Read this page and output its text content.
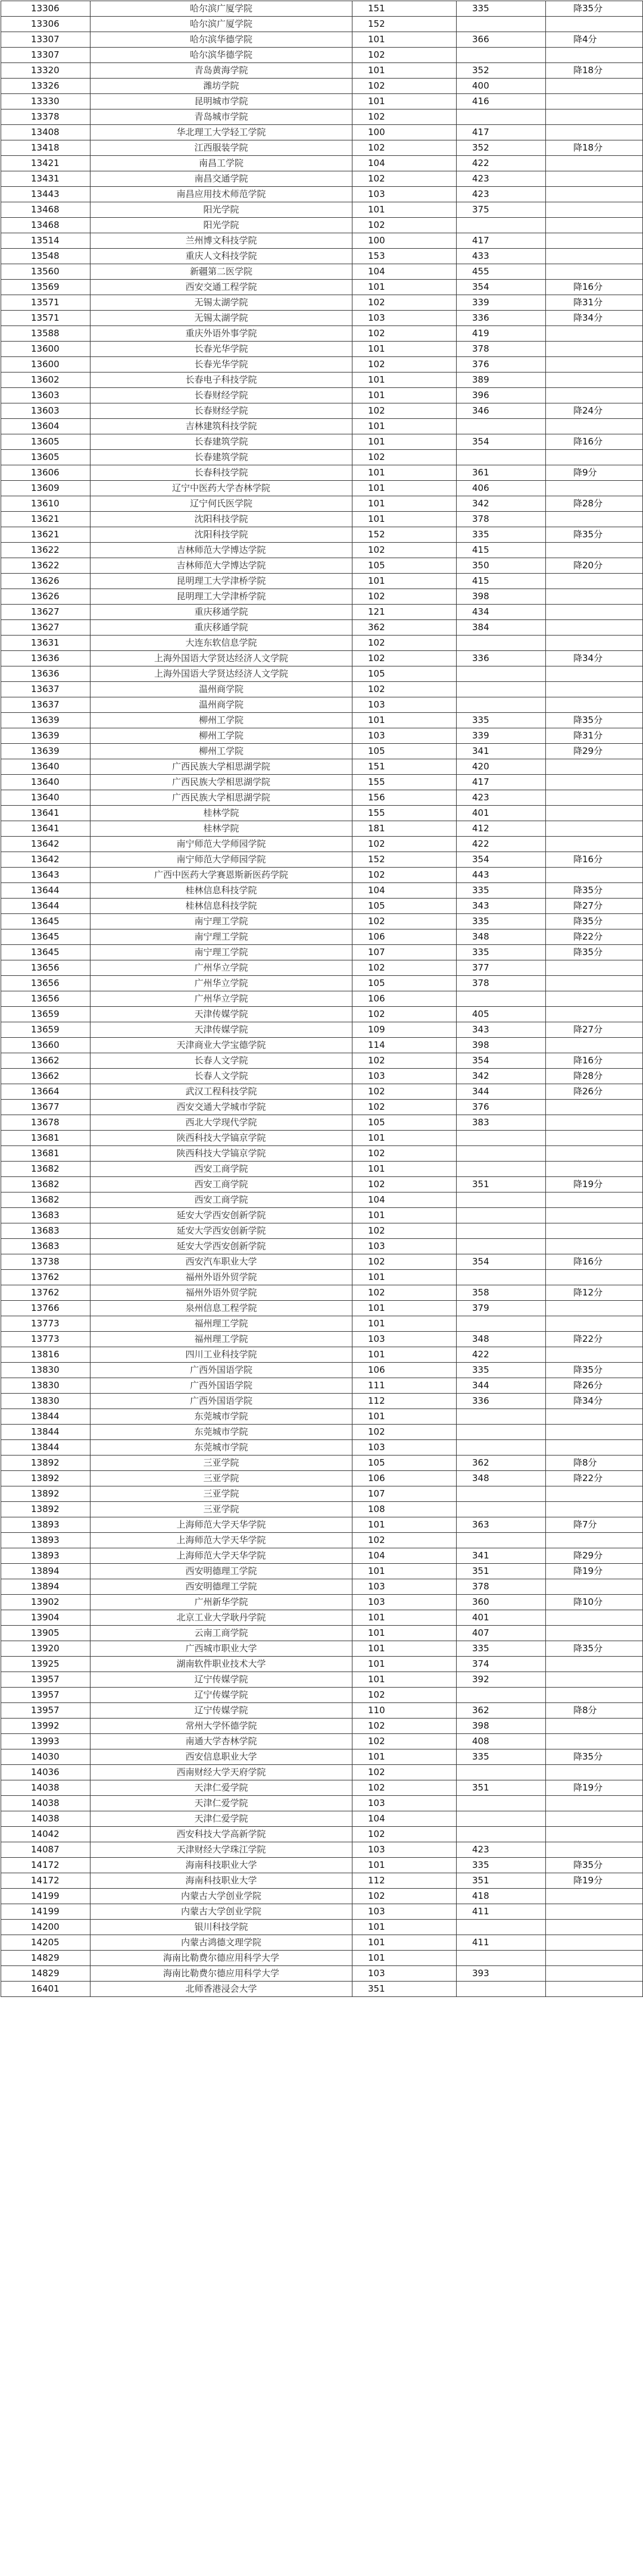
13306	哈尔滨广厦学院	151	335	降35分
13306	哈尔滨广厦学院	152		
13307	哈尔滨华德学院	101	366	降4分
13307	哈尔滨华德学院	102		
13320	青岛黄海学院	101	352	降18分
13326	潍坊学院	102	400	
13330	昆明城市学院	101	416	
13378	青岛城市学院	102		
13408	华北理工大学轻工学院	100	417	
13418	江西服装学院	102	352	降18分
13421	南昌工学院	104	422	
13431	南昌交通学院	102	423	
13443	南昌应用技术师范学院	103	423	
13468	阳光学院	101	375	
13468	阳光学院	102		
13514	兰州博文科技学院	100	417	
13548	重庆人文科技学院	153	433	
13560	新疆第二医学院	104	455	
13569	西安交通工程学院	101	354	降16分
13571	无锡太湖学院	102	339	降31分
13571	无锡太湖学院	103	336	降34分
13588	重庆外语外事学院	102	419	
13600	长春光华学院	101	378	
13600	长春光华学院	102	376	
13602	长春电子科技学院	101	389	
13603	长春财经学院	101	396	
13603	长春财经学院	102	346	降24分
13604	吉林建筑科技学院	101		
13605	长春建筑学院	101	354	降16分
13605	长春建筑学院	102		
13606	长春科技学院	101	361	降9分
13609	辽宁中医药大学杏林学院	101	406	
13610	辽宁何氏医学院	101	342	降28分
13621	沈阳科技学院	101	378	
13621	沈阳科技学院	152	335	降35分
13622	吉林师范大学博达学院	102	415	
13622	吉林师范大学博达学院	105	350	降20分
13626	昆明理工大学津桥学院	101	415	
13626	昆明理工大学津桥学院	102	398	
13627	重庆移通学院	121	434	
13627	重庆移通学院	362	384	
13631	大连东软信息学院	102		
13636	上海外国语大学贤达经济人文学院	102	336	降34分
13636	上海外国语大学贤达经济人文学院	105		
13637	温州商学院	102		
13637	温州商学院	103		
13639	柳州工学院	101	335	降35分
13639	柳州工学院	103	339	降31分
13639	柳州工学院	105	341	降29分
13640	广西民族大学相思湖学院	151	420	
13640	广西民族大学相思湖学院	155	417	
13640	广西民族大学相思湖学院	156	423	
13641	桂林学院	155	401	
13641	桂林学院	181	412	
13642	南宁师范大学师园学院	102	422	
13642	南宁师范大学师园学院	152	354	降16分
13643	广西中医药大学赛恩斯新医药学院	102	443	
13644	桂林信息科技学院	104	335	降35分
13644	桂林信息科技学院	105	343	降27分
13645	南宁理工学院	102	335	降35分
13645	南宁理工学院	106	348	降22分
13645	南宁理工学院	107	335	降35分
13656	广州华立学院	102	377	
13656	广州华立学院	105	378	
13656	广州华立学院	106		
13659	天津传媒学院	102	405	
13659	天津传媒学院	109	343	降27分
13660	天津商业大学宝德学院	114	398	
13662	长春人文学院	102	354	降16分
13662	长春人文学院	103	342	降28分
13664	武汉工程科技学院	102	344	降26分
13677	西安交通大学城市学院	102	376	
13678	西北大学现代学院	105	383	
13681	陕西科技大学镐京学院	101		
13681	陕西科技大学镐京学院	102		
13682	西安工商学院	101		
13682	西安工商学院	102	351	降19分
13682	西安工商学院	104		
13683	延安大学西安创新学院	101		
13683	延安大学西安创新学院	102		
13683	延安大学西安创新学院	103		
13738	西安汽车职业大学	102	354	降16分
13762	福州外语外贸学院	101		
13762	福州外语外贸学院	102	358	降12分
13766	泉州信息工程学院	101	379	
13773	福州理工学院	101		
13773	福州理工学院	103	348	降22分
13816	四川工业科技学院	101	422	
13830	广西外国语学院	106	335	降35分
13830	广西外国语学院	111	344	降26分
13830	广西外国语学院	112	336	降34分
13844	东莞城市学院	101		
13844	东莞城市学院	102		
13844	东莞城市学院	103		
13892	三亚学院	105	362	降8分
13892	三亚学院	106	348	降22分
13892	三亚学院	107		
13892	三亚学院	108		
13893	上海师范大学天华学院	101	363	降7分
13893	上海师范大学天华学院	102		
13893	上海师范大学天华学院	104	341	降29分
13894	西安明德理工学院	101	351	降19分
13894	西安明德理工学院	103	378	
13902	广州新华学院	103	360	降10分
13904	北京工业大学耿丹学院	101	401	
13905	云南工商学院	101	407	
13920	广西城市职业大学	101	335	降35分
13925	湖南软件职业技术大学	101	374	
13957	辽宁传媒学院	101	392	
13957	辽宁传媒学院	102		
13957	辽宁传媒学院	110	362	降8分
13992	常州大学怀德学院	102	398	
13993	南通大学杏林学院	102	408	
14030	西安信息职业大学	101	335	降35分
14036	西南财经大学天府学院	102		
14038	天津仁爱学院	102	351	降19分
14038	天津仁爱学院	103		
14038	天津仁爱学院	104		
14042	西安科技大学高新学院	102		
14087	天津财经大学珠江学院	103	423	
14172	海南科技职业大学	101	335	降35分
14172	海南科技职业大学	112	351	降19分
14199	内蒙古大学创业学院	102	418	
14199	内蒙古大学创业学院	103	411	
14200	银川科技学院	101		
14205	内蒙古鸿德文理学院	101	411	
14829	海南比勒费尔德应用科学大学	101		
14829	海南比勒费尔德应用科学大学	103	393	
16401	北师香港浸会大学	351		
